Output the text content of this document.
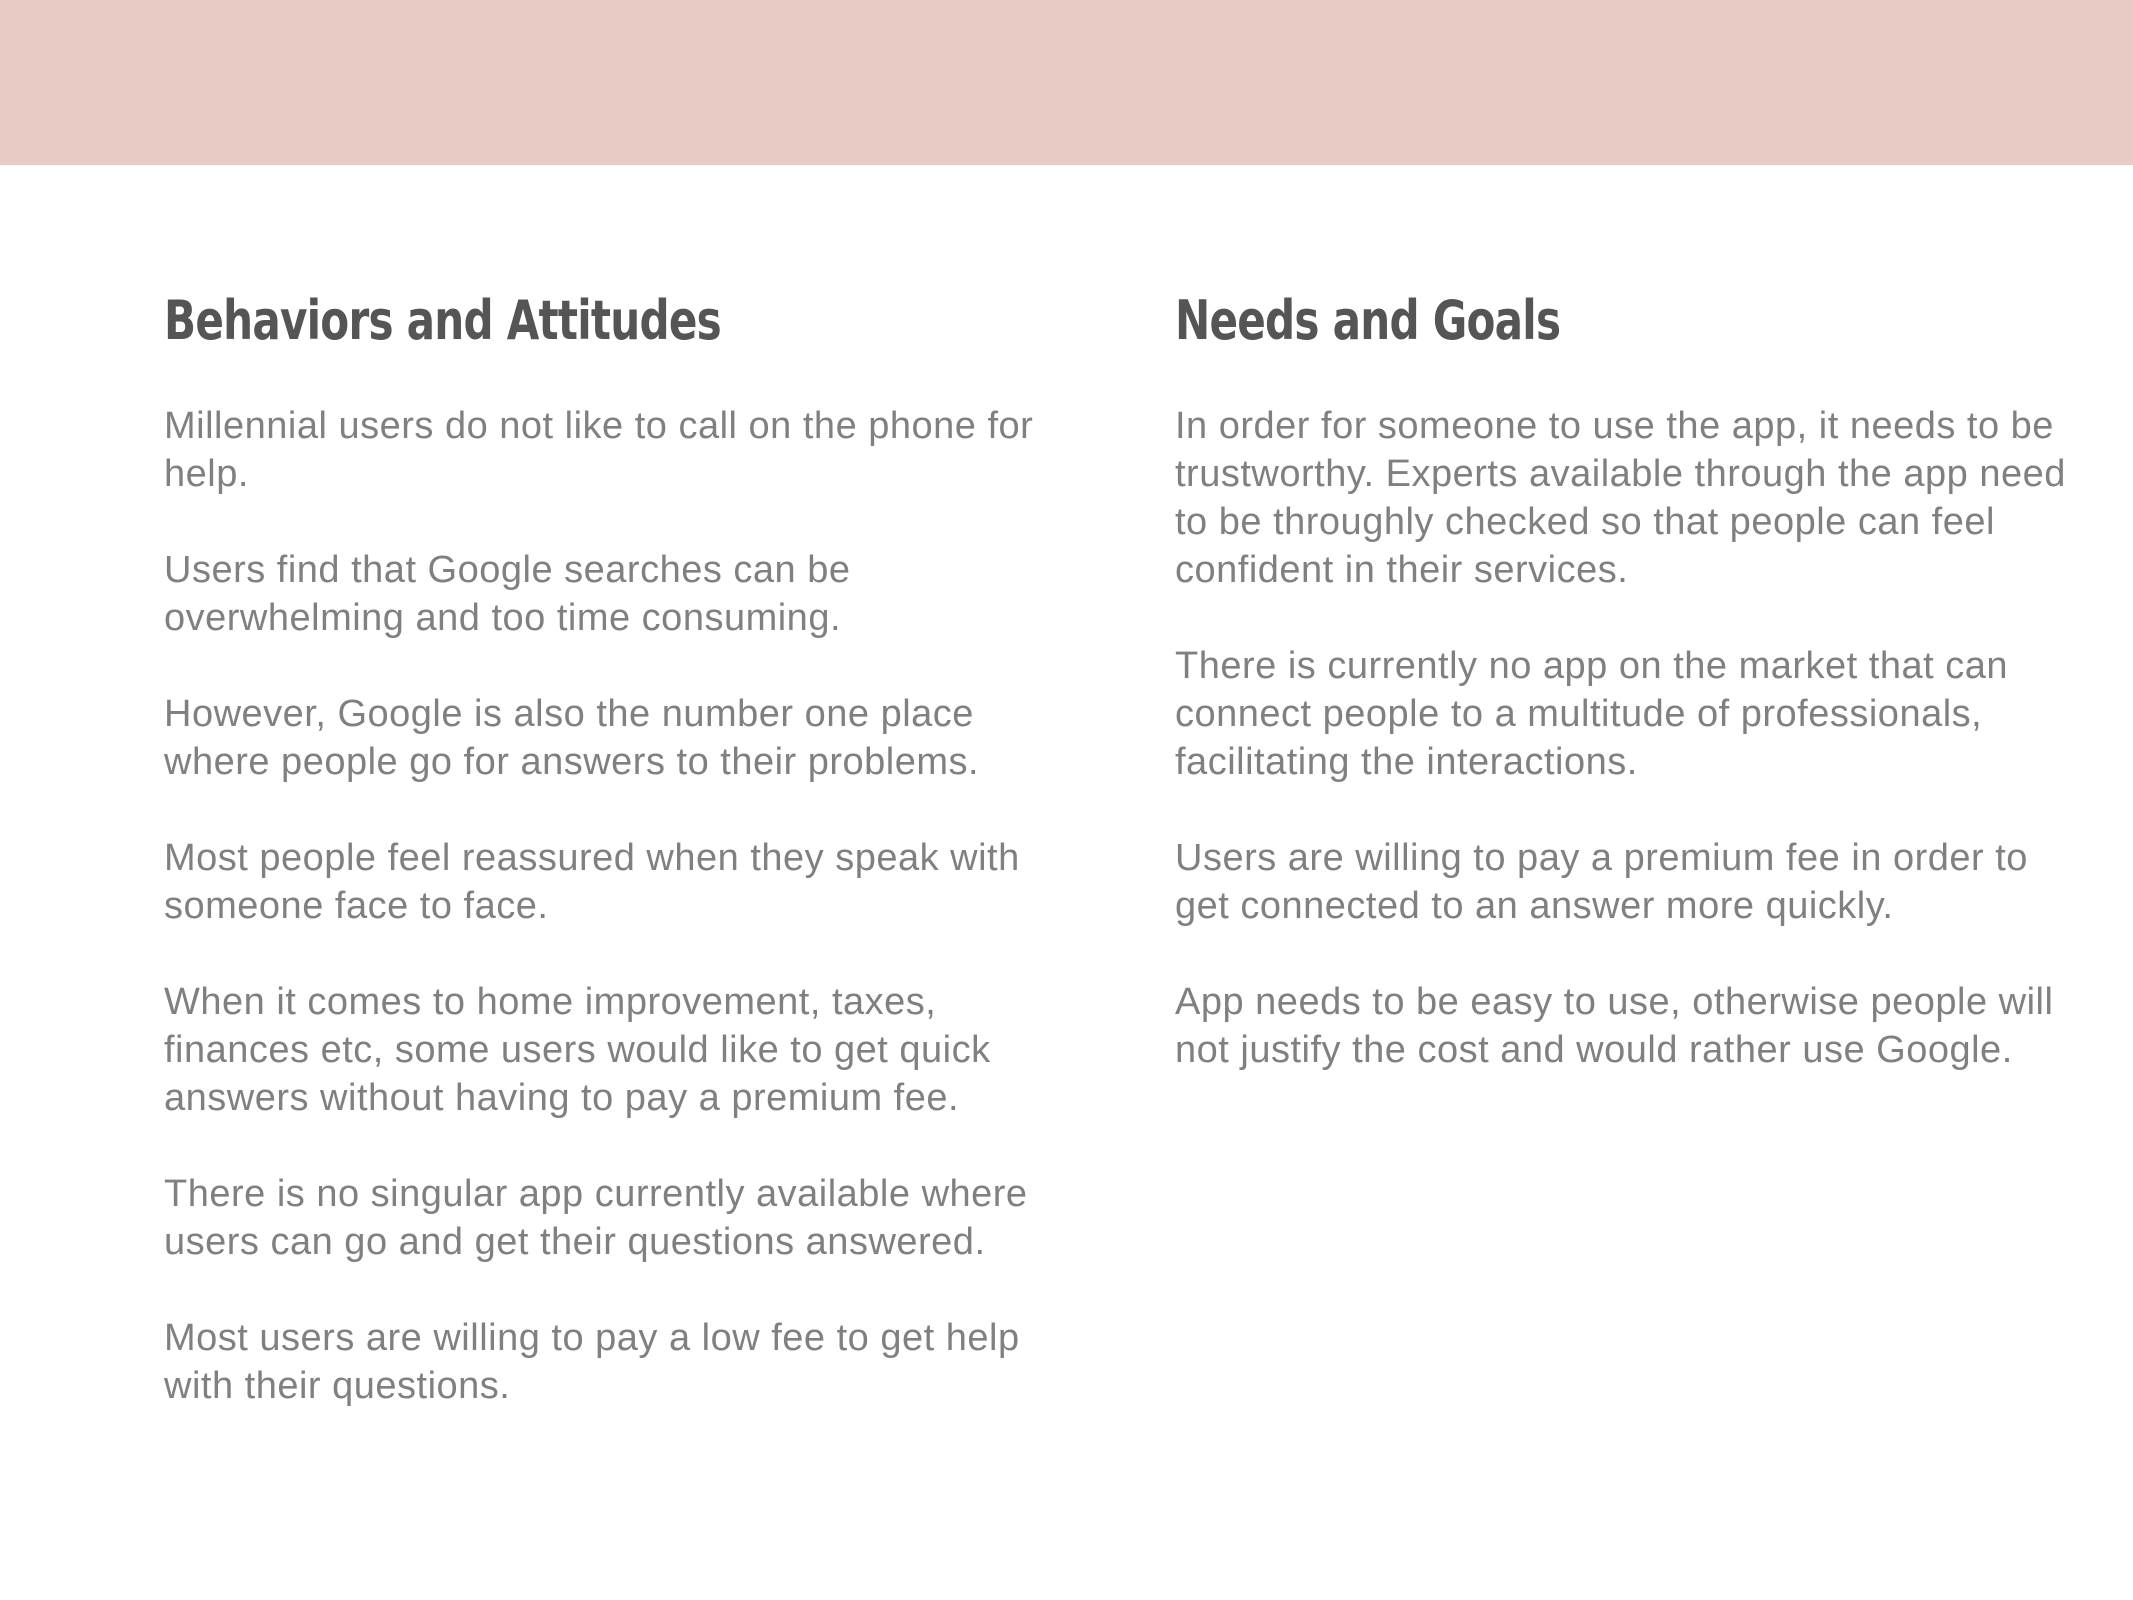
Behaviors and Attitudes

Millennial users do not like to call on the phone for help.

Users find that Google searches can be overwhelming and too time consuming.

However, Google is also the number one place where people go for answers to their problems.

Most people feel reassured when they speak with someone face to face.

When it comes to home improvement, taxes, finances etc, some users would like to get quick answers without having to pay a premium fee.

There is no singular app currently available where users can go and get their questions answered.

Most users are willing to pay a low fee to get help with their questions.

Needs and Goals

In order for someone to use the app, it needs to be trustworthy. Experts available through the app need to be throughly checked so that people can feel confident in their services.

There is currently no app on the market that can connect people to a multitude of professionals, facilitating the interactions.

Users are willing to pay a premium fee in order to get connected to an answer more quickly.

App needs to be easy to use, otherwise people will not justify the cost and would rather use Google.
